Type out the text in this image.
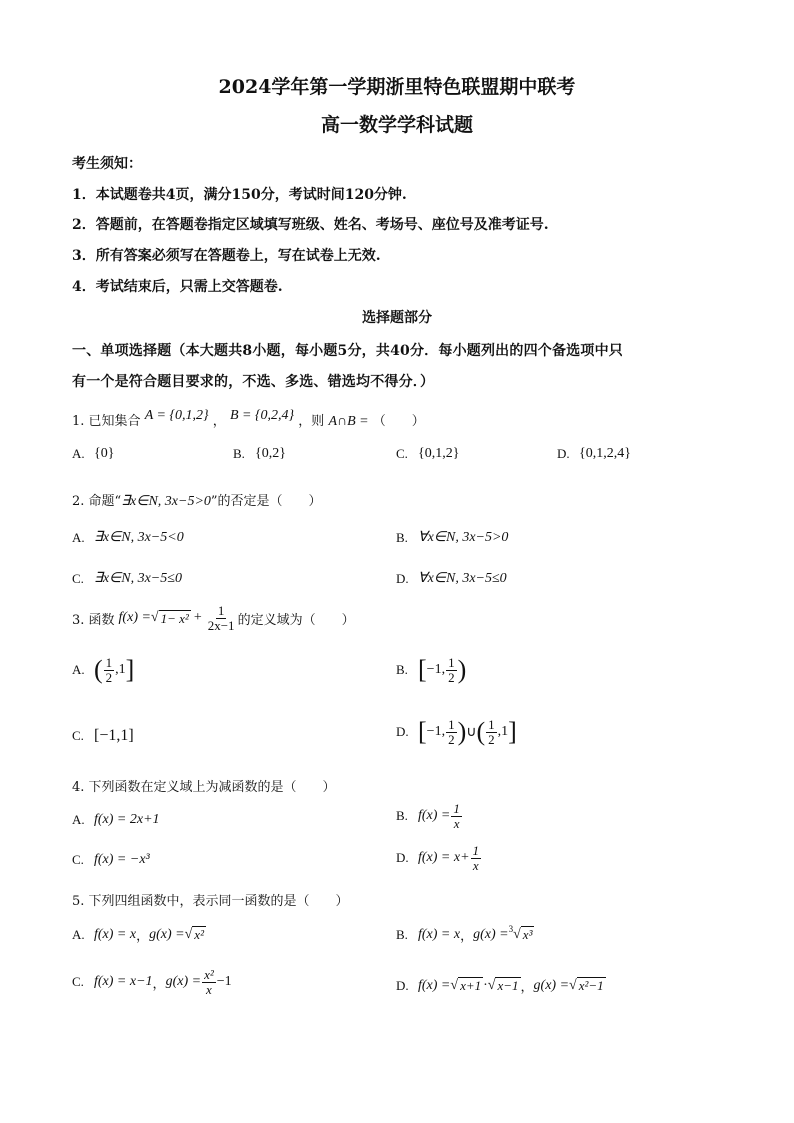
2024学年第一学期浙里特色联盟期中联考
高一数学学科试题
考生须知：
1．本试题卷共4页，满分150分，考试时间120分钟.
2．答题前，在答题卷指定区域填写班级、姓名、考场号、座位号及准考证号.
3．所有答案必须写在答题卷上，写在试卷上无效.
4．考试结束后，只需上交答题卷.
选择题部分
一、单项选择题（本大题共8小题，每小题5分，共40分．每小题列出的四个备选项中只
有一个是符合题目要求的，不选、多选、错选均不得分．）
1. 已知集合 A = {0,1,2} ， B = {0,2,4} ，则 A∩B = （　　）
A. {0}	B. {0,2}	C. {0,1,2}	D. {0,1,2,4}
2. 命题“∃x∈N, 3x−5>0”的否定是（　　）
A. ∃x∈N, 3x−5<0	B. ∀x∈N, 3x−5>0
C. ∃x∈N, 3x−5≤0	D. ∀x∈N, 3x−5≤0
3. 函数 f(x) = √ $1- x^2 + \frac{1}{2x-1}$ 的定义域为（　　）
A. ( $\frac{1}{2} ,1$ ]	B. [ −1, $\frac{1}{2}$ )
C. [−1,1]	D. [ −1, $\frac{1}{2}$ ) ∪ ( $\frac{1}{2} ,1$ ]
4. 下列函数在定义域上为减函数的是（　　）
A. f(x) = 2x+1	B. $f(x) = \frac{1}{x}$
C. f(x) = −x³	D. $f(x) = x+ \frac{1}{x}$
5. 下列四组函数中，表示同一函数的是（　　）
A. f(x) = x ， g(x) = √ x²	B. f(x) = x ， g(x) = 3 √ x³
C. f(x) = x−1 ， $g(x) = \frac{\text{x²}}{x} -1$	D. f(x) = √ x+1 · √ x−1 ， g(x) = √ x²−1
